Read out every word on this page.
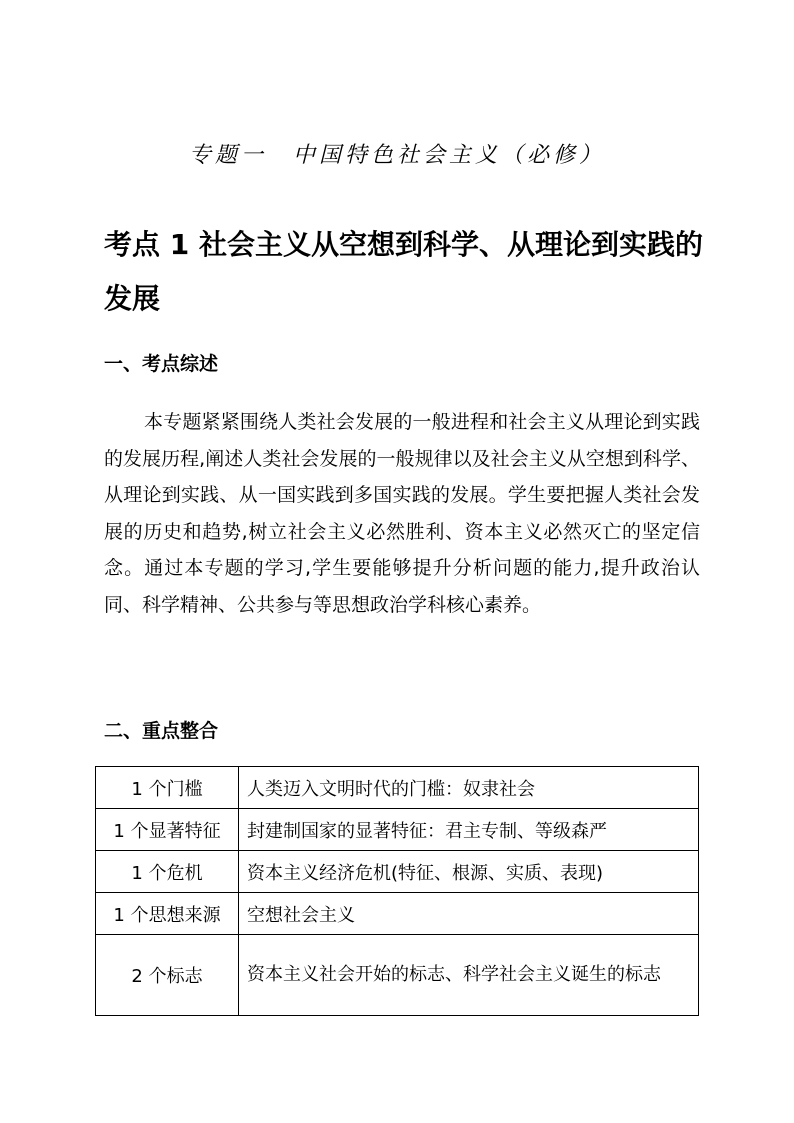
专题一　中国特色社会主义（必修）
考点 1 社会主义从空想到科学、从理论到实践的发展
一、考点综述
本专题紧紧围绕人类社会发展的一般进程和社会主义从理论到实践的发展历程,阐述人类社会发展的一般规律以及社会主义从空想到科学、从理论到实践、从一国实践到多国实践的发展。学生要把握人类社会发展的历史和趋势,树立社会主义必然胜利、资本主义必然灭亡的坚定信念。通过本专题的学习,学生要能够提升分析问题的能力,提升政治认同、科学精神、公共参与等思想政治学科核心素养。
二、重点整合
1 个门槛	人类迈入文明时代的门槛：奴隶社会
1 个显著特征	封建制国家的显著特征：君主专制、等级森严
1 个危机	资本主义经济危机(特征、根源、实质、表现)
1 个思想来源	空想社会主义
2 个标志	资本主义社会开始的标志、科学社会主义诞生的标志
